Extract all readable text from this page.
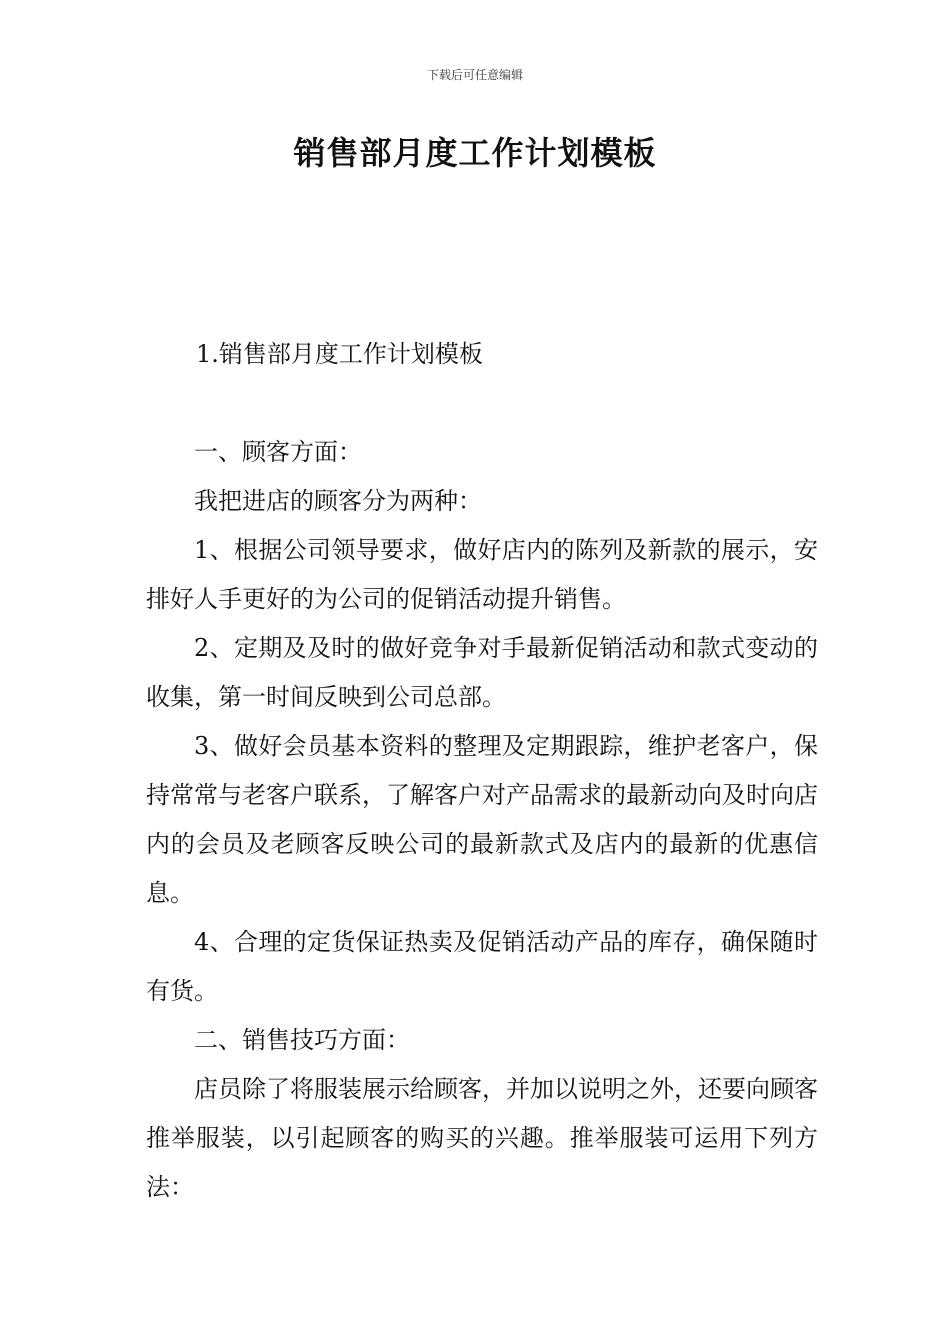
下载后可任意编辑
销售部月度工作计划模板
1.销售部月度工作计划模板

一、顾客方面：

我把进店的顾客分为两种：

1、根据公司领导要求，做好店内的陈列及新款的展示，安排好人手更好的为公司的促销活动提升销售。

2、定期及及时的做好竞争对手最新促销活动和款式变动的收集，第一时间反映到公司总部。

3、做好会员基本资料的整理及定期跟踪，维护老客户，保持常常与老客户联系，了解客户对产品需求的最新动向及时向店内的会员及老顾客反映公司的最新款式及店内的最新的优惠信息。

4、合理的定货保证热卖及促销活动产品的库存，确保随时有货。

二、销售技巧方面：

店员除了将服装展示给顾客，并加以说明之外，还要向顾客推举服装，以引起顾客的购买的兴趣。推举服装可运用下列方法：
